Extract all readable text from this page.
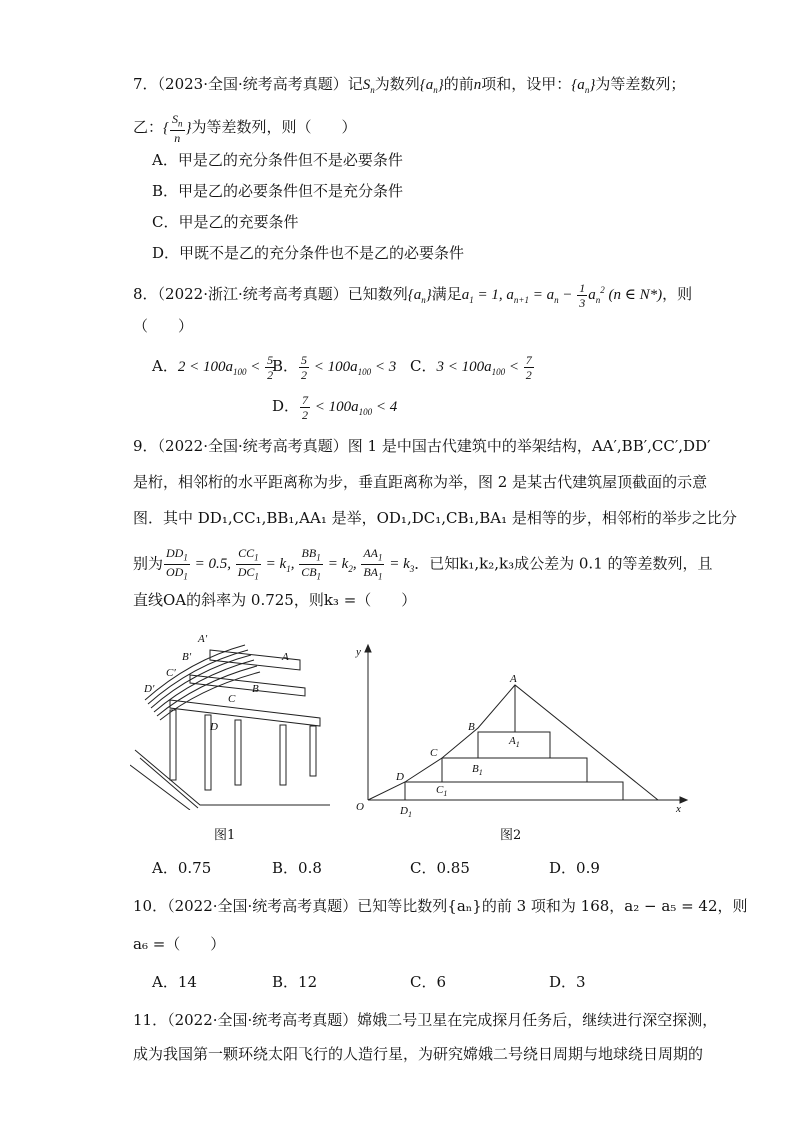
7．（2023·全国·统考高考真题）记$S_n$为数列$\{a_n\}$的前n项和，设甲：$\{a_n\}$为等差数列；
乙：{ $\frac{S_n}{n}$ }为等差数列，则（　　）
A．甲是乙的充分条件但不是必要条件
B．甲是乙的必要条件但不是充分条件
C．甲是乙的充要条件
D．甲既不是乙的充分条件也不是乙的必要条件
8．（2022·浙江·统考高考真题）已知数列$\{a_n\}$满足$a_1 = 1$, $a_{n+1} = a_n - \frac{1}{3} a_n^2$ (n ∈ N*)，则
（　　）
A．$2 < 100a_{100} < \frac{5}{2}$
B． $\frac{5}{2} < 100a_{100} < 3$ C．$3 < 100a_{100} < \frac{7}{2}$
D． $\frac{7}{2} < 100a_{100} < 4$
9．（2022·全国·统考高考真题）图 1 是中国古代建筑中的举架结构，AA′,BB′,CC′,DD′
是桁，相邻桁的水平距离称为步，垂直距离称为举，图 2 是某古代建筑屋顶截面的示意
图．其中 DD₁,CC₁,BB₁,AA₁ 是举，OD₁,DC₁,CB₁,BA₁ 是相等的步，相邻桁的举步之比分
别为 $\frac{DD_1}{OD_1} = 0.5$, $\frac{CC_1}{DC_1} = k_1$, $\frac{BB_1}{CB_1} = k_2$, $\frac{AA_1}{BA_1} = k_3$．已知k₁,k₂,k₃成公差为 0.1 的等差数列，且
直线OA的斜率为 0.725，则k₃ =（　　）
A′
B′
C′
D′
A
B
C
D
图1
y
x
O
A
B
C
D
$A_1$
$B_1$
$C_1$
$D_1$
图2
A．0.75	B．0.8	C．0.85	D．0.9
10．（2022·全国·统考高考真题）已知等比数列{aₙ}的前 3 项和为 168，a₂ − a₅ = 42，则
a₆ =（　　）
A．14	B．12	C．6	D．3
11．（2022·全国·统考高考真题）嫦娥二号卫星在完成探月任务后，继续进行深空探测，
成为我国第一颗环绕太阳飞行的人造行星，为研究嫦娥二号绕日周期与地球绕日周期的
